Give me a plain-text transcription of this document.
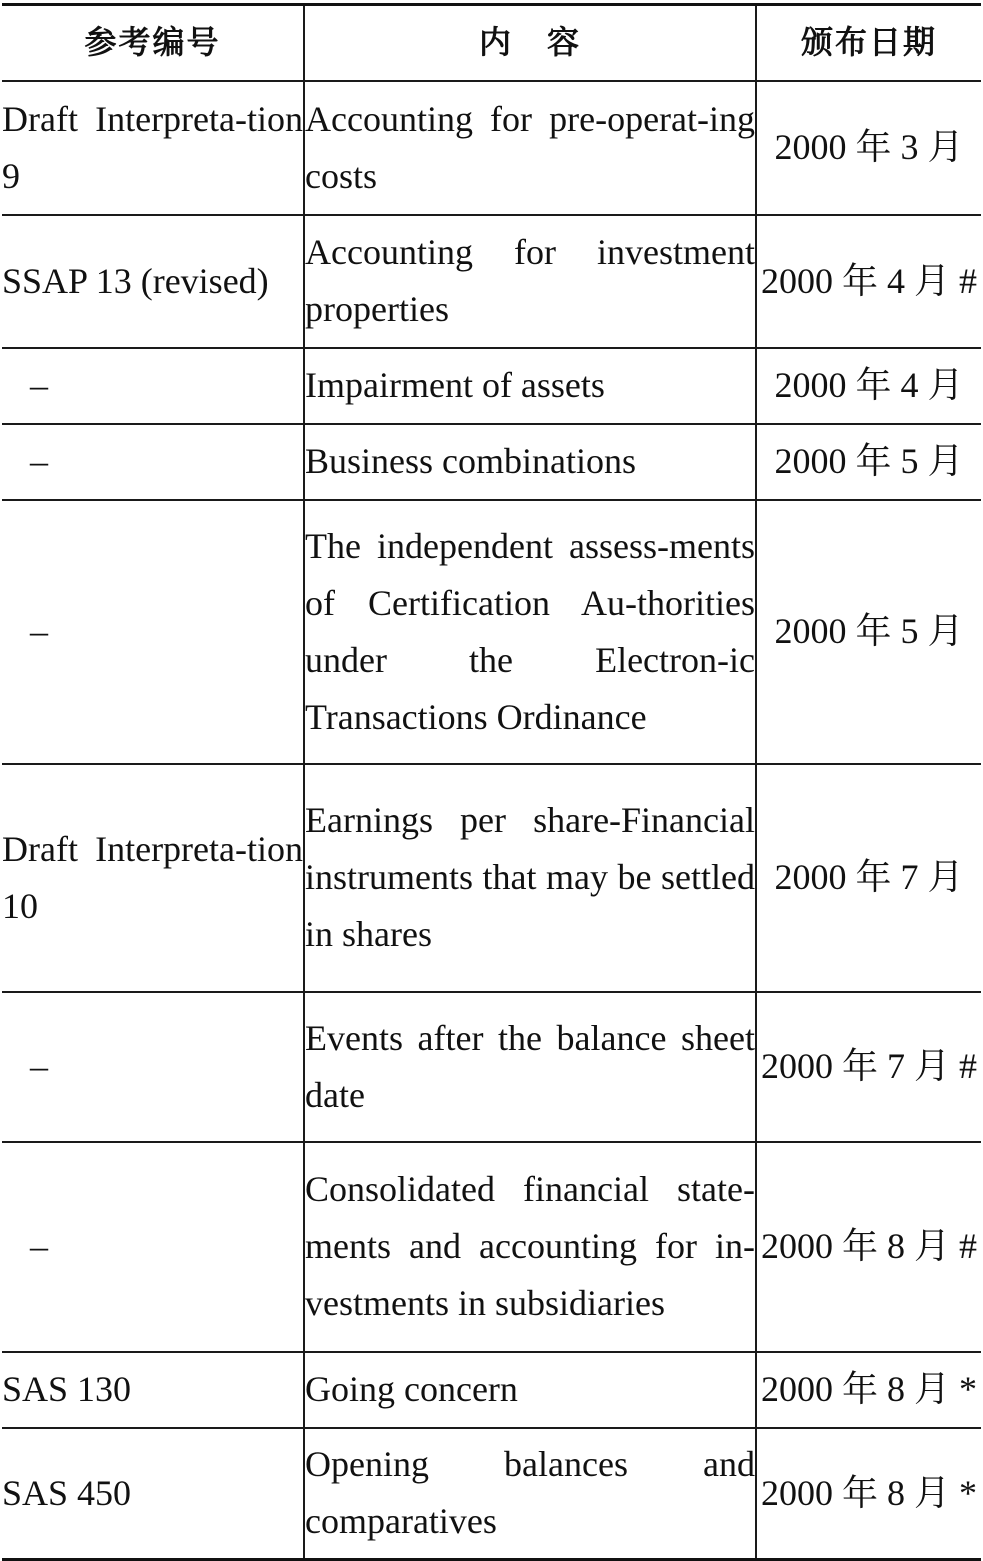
参考编号	内　容	颁布日期
Draft Interpreta-tion 9	Accounting for pre-operat-ing costs	2000 年 3 月
SSAP 13 (revised)	Accounting for investment properties	2000 年 4 月 #
–	Impairment of assets	2000 年 4 月
–	Business combinations	2000 年 5 月
–	The independent assess-ments of Certification Au-thorities under the Electron-ic Transactions Ordinance	2000 年 5 月
Draft Interpreta-tion 10	Earnings per share-Financial instruments that may be settled in shares	2000 年 7 月
–	Events after the balance sheet date	2000 年 7 月 #
–	Consolidated financial state-ments and accounting for in-vestments in subsidiaries	2000 年 8 月 #
SAS 130	Going concern	2000 年 8 月 *
SAS 450	Opening balances and comparatives	2000 年 8 月 *
